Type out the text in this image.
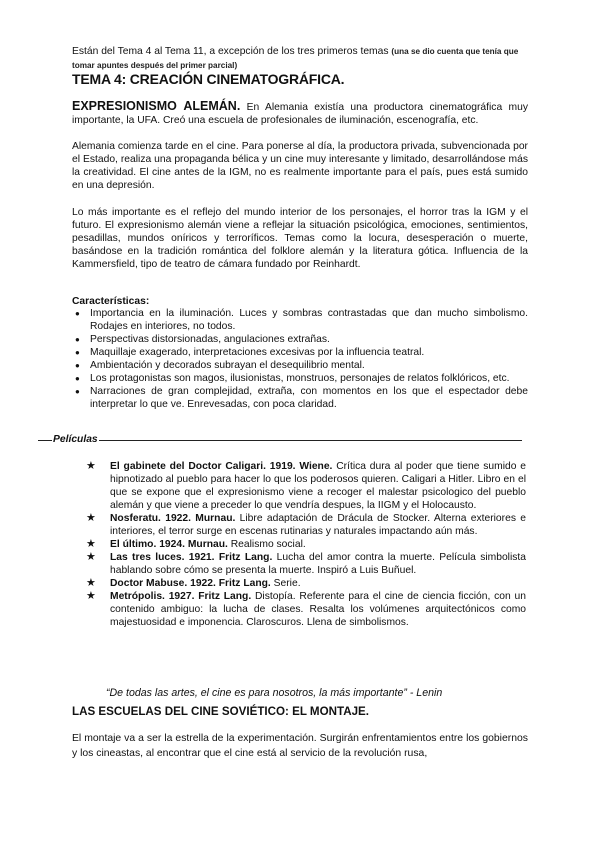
Están del Tema 4 al Tema 11, a excepción de los tres primeros temas (una se dio cuenta que tenía que tomar apuntes después del primer parcial)

TEMA 4: CREACIÓN CINEMATOGRÁFICA.

EXPRESIONISMO ALEMÁN. En Alemania existía una productora cinematográfica muy importante, la UFA. Creó una escuela de profesionales de iluminación, escenografía, etc.

Alemania comienza tarde en el cine. Para ponerse al día, la productora privada, subvencionada por el Estado, realiza una propaganda bélica y un cine muy interesante y limitado, desarrollándose más la creatividad. El cine antes de la IGM, no es realmente importante para el país, pues está sumido en una depresión.

Lo más importante es el reflejo del mundo interior de los personajes, el horror tras la IGM y el futuro. El expresionismo alemán viene a reflejar la situación psicológica, emociones, sentimientos, pesadillas, mundos oníricos y terroríficos. Temas como la locura, desesperación o muerte, basándose en la tradición romántica del folklore alemán y la literatura gótica. Influencia de la Kammersfield, tipo de teatro de cámara fundado por Reinhardt.

Características:

● Importancia en la iluminación. Luces y sombras contrastadas que dan mucho simbolismo. Rodajes en interiores, no todos.
● Perspectivas distorsionadas, angulaciones extrañas.
● Maquillaje exagerado, interpretaciones excesivas por la influencia teatral.
● Ambientación y decorados subrayan el desequilibrio mental.
● Los protagonistas son magos, ilusionistas, monstruos, personajes de relatos folklóricos, etc.
● Narraciones de gran complejidad, extraña, con momentos en los que el espectador debe interpretar lo que ve. Enrevesadas, con poca claridad.
Películas
★ El gabinete del Doctor Caligari. 1919. Wiene. Crítica dura al poder que tiene sumido e hipnotizado al pueblo para hacer lo que los poderosos quieren. Caligari a Hitler. Libro en el que se expone que el expresionismo viene a recoger el malestar psicologico del pueblo alemán y que viene a preceder lo que vendría despues, la IIGM y el Holocausto.
★ Nosferatu. 1922. Murnau. Libre adaptación de Drácula de Stocker. Alterna exteriores e interiores, el terror surge en escenas rutinarias y naturales impactando aún más.
★ El último. 1924. Murnau. Realismo social.
★ Las tres luces. 1921. Fritz Lang. Lucha del amor contra la muerte. Película simbolista hablando sobre cómo se presenta la muerte. Inspiró a Luis Buñuel.
★ Doctor Mabuse. 1922. Fritz Lang. Serie.
★ Metrópolis. 1927. Fritz Lang. Distopía. Referente para el cine de ciencia ficción, con un contenido ambiguo: la lucha de clases. Resalta los volúmenes arquitectónicos como majestuosidad e imponencia. Claroscuros. Llena de simbolismos.

“De todas las artes, el cine es para nosotros, la más importante” - Lenin

LAS ESCUELAS DEL CINE SOVIÉTICO: EL MONTAJE.

El montaje va a ser la estrella de la experimentación. Surgirán enfrentamientos entre los gobiernos y los cineastas, al encontrar que el cine está al servicio de la revolución rusa,
